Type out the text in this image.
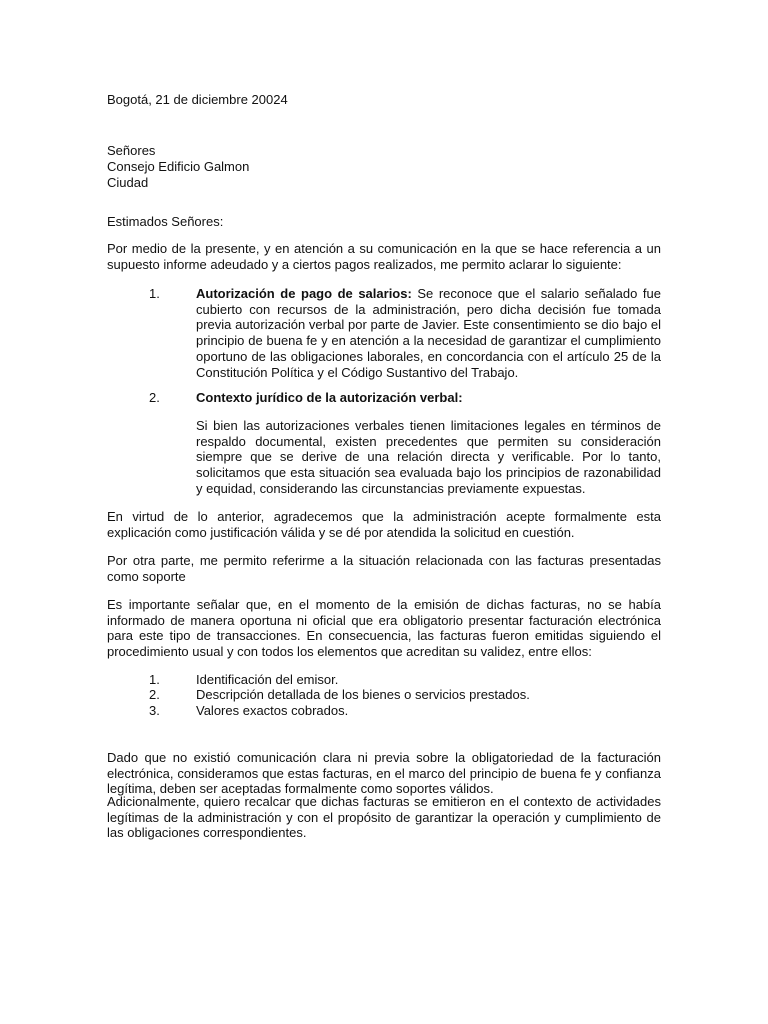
Bogotá, 21 de diciembre 20024
Señores
Consejo Edificio Galmon
Ciudad
Estimados Señores:
Por medio de la presente, y en atención a su comunicación en la que se hace referencia a un supuesto informe adeudado y a ciertos pagos realizados, me permito aclarar lo siguiente:
1.	Autorización de pago de salarios: Se reconoce que el salario señalado fue cubierto con recursos de la administración, pero dicha decisión fue tomada previa autorización verbal por parte de Javier. Este consentimiento se dio bajo el principio de buena fe y en atención a la necesidad de garantizar el cumplimiento oportuno de las obligaciones laborales, en concordancia con el artículo 25 de la Constitución Política y el Código Sustantivo del Trabajo.
2.	Contexto jurídico de la autorización verbal:
Si bien las autorizaciones verbales tienen limitaciones legales en términos de respaldo documental, existen precedentes que permiten su consideración siempre que se derive de una relación directa y verificable. Por lo tanto, solicitamos que esta situación sea evaluada bajo los principios de razonabilidad y equidad, considerando las circunstancias previamente expuestas.
En virtud de lo anterior, agradecemos que la administración acepte formalmente esta explicación como justificación válida y se dé por atendida la solicitud en cuestión.
Por otra parte, me permito referirme a la situación relacionada con las facturas presentadas como soporte
Es importante señalar que, en el momento de la emisión de dichas facturas, no se había informado de manera oportuna ni oficial que era obligatorio presentar facturación electrónica para este tipo de transacciones. En consecuencia, las facturas fueron emitidas siguiendo el procedimiento usual y con todos los elementos que acreditan su validez, entre ellos:
1.	Identificación del emisor.
2.	Descripción detallada de los bienes o servicios prestados.
3.	Valores exactos cobrados.
Dado que no existió comunicación clara ni previa sobre la obligatoriedad de la facturación electrónica, consideramos que estas facturas, en el marco del principio de buena fe y confianza legítima, deben ser aceptadas formalmente como soportes válidos.
Adicionalmente, quiero recalcar que dichas facturas se emitieron en el contexto de actividades legítimas de la administración y con el propósito de garantizar la operación y cumplimiento de las obligaciones correspondientes.
